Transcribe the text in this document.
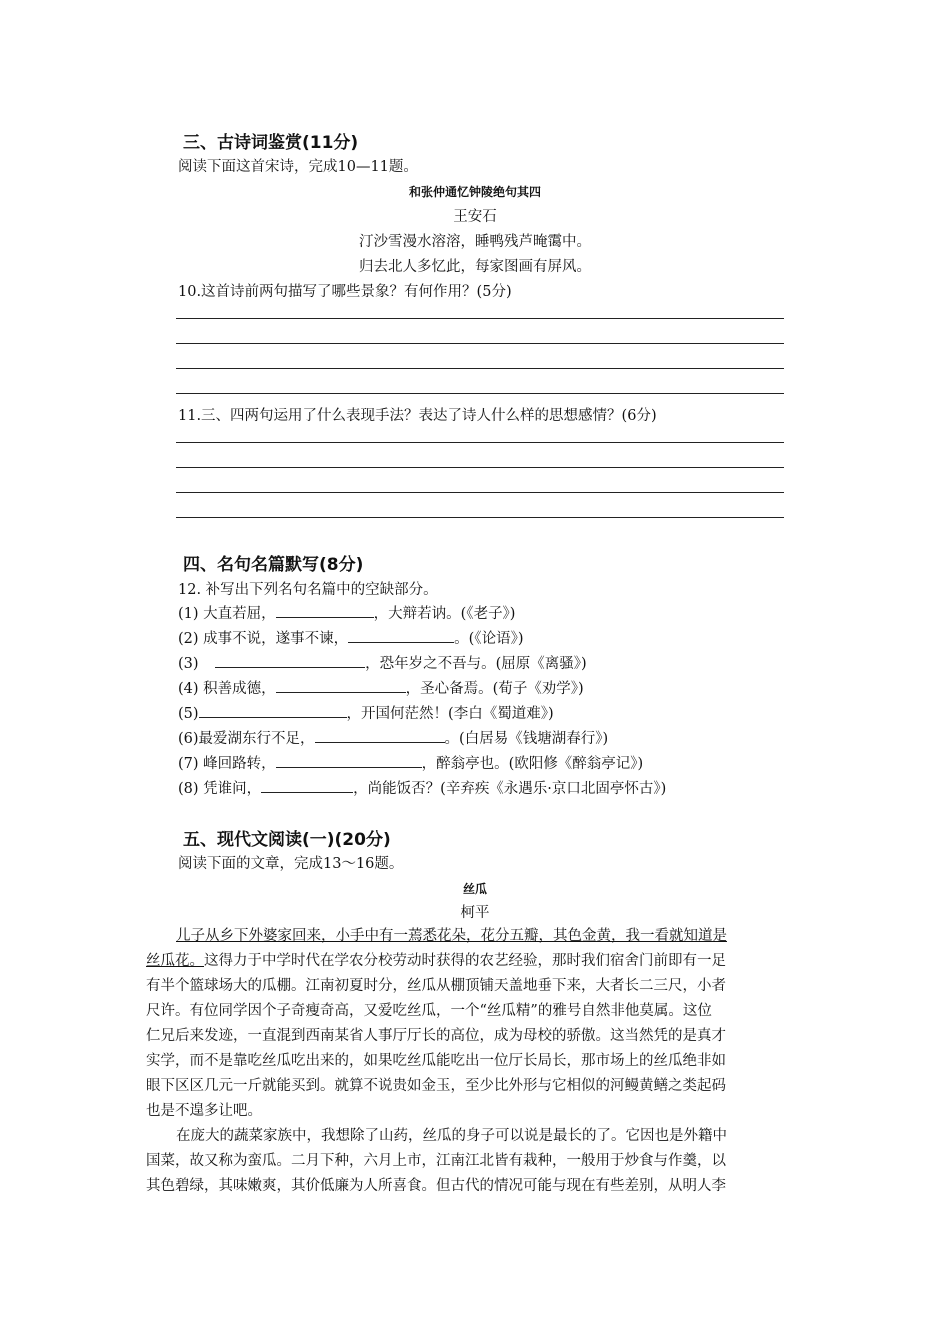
三、古诗词鉴赏(11分)
阅读下面这首宋诗，完成10—11题。
和张仲通忆钟陵绝句其四
王安石
汀沙雪漫水溶溶，睡鸭残芦晻霭中。
归去北人多忆此，每家图画有屏风。
10.这首诗前两句描写了哪些景象？有何作用？(5分)
11.三、四两句运用了什么表现手法？表达了诗人什么样的思想感情？(6分)
四、名句名篇默写(8分)
12. 补写出下列名句名篇中的空缺部分。
(1) 大直若屈，	，大辩若讷。(《老子》)
(2) 成事不说，遂事不谏，	。(《论语》)
(3)	，恐年岁之不吾与。(屈原《离骚》)
(4) 积善成德，	，圣心备焉。(荀子《劝学》)
(5)	，开国何茫然！(李白《蜀道难》)
(6)最爱湖东行不足，	。(白居易《钱塘湖春行》)
(7) 峰回路转，	，醉翁亭也。(欧阳修《醉翁亭记》)
(8) 凭谁问，	，尚能饭否？(辛弃疾《永遇乐·京口北固亭怀古》)
五、现代文阅读(一)(20分)
阅读下面的文章，完成13～16题。
丝瓜
柯平

儿子从乡下外婆家回来，小手中有一蔫悉花朵，花分五瓣，其色金黄，我一看就知道是

丝瓜花。这得力于中学时代在学农分校劳动时获得的农艺经验，那时我们宿舍门前即有一足

有半个篮球场大的瓜棚。江南初夏时分，丝瓜从棚顶铺天盖地垂下来，大者长二三尺，小者

尺许。有位同学因个子奇瘦奇高，又爱吃丝瓜，一个“丝瓜精”的雅号自然非他莫属。这位

仁兄后来发迹，一直混到西南某省人事厅厅长的高位，成为母校的骄傲。这当然凭的是真才

实学，而不是靠吃丝瓜吃出来的，如果吃丝瓜能吃出一位厅长局长，那市场上的丝瓜绝非如

眼下区区几元一斤就能买到。就算不说贵如金玉，至少比外形与它相似的河鳗黄鳝之类起码

也是不遑多让吧。

在庞大的蔬菜家族中，我想除了山药，丝瓜的身子可以说是最长的了。它因也是外籍中

国菜，故又称为蛮瓜。二月下种，六月上市，江南江北皆有栽种，一般用于炒食与作羹，以

其色碧绿，其味嫩爽，其价低廉为人所喜食。但古代的情况可能与现在有些差别，从明人李
